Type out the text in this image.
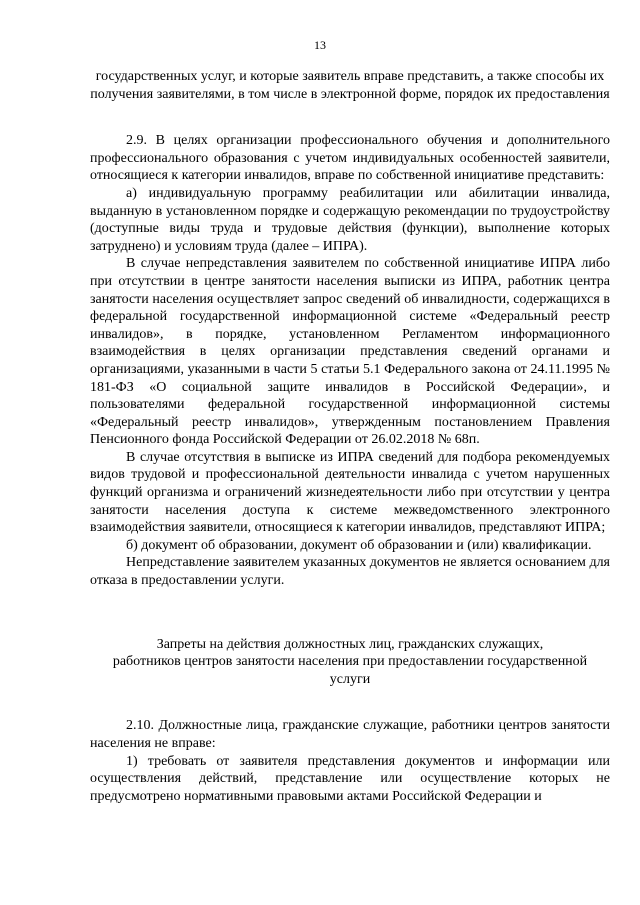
13

государственных услуг, и которые заявитель вправе представить, а также способы их получения заявителями, в том числе в электронной форме, порядок их предоставления

2.9. В целях организации профессионального обучения и дополнительного профессионального образования с учетом индивидуальных особенностей заявители, относящиеся к категории инвалидов, вправе по собственной инициативе представить:

а) индивидуальную программу реабилитации или абилитации инвалида, выданную в установленном порядке и содержащую рекомендации по трудоустройству (доступные виды труда и трудовые действия (функции), выполнение которых затруднено) и условиям труда (далее – ИПРА).

В случае непредставления заявителем по собственной инициативе ИПРА либо при отсутствии в центре занятости населения выписки из ИПРА, работник центра занятости населения осуществляет запрос сведений об инвалидности, содержащихся в федеральной государственной информационной системе «Федеральный реестр инвалидов», в порядке, установленном Регламентом информационного взаимодействия в целях организации представления сведений органами и организациями, указанными в части 5 статьи 5.1 Федерального закона от 24.11.1995 № 181-ФЗ «О социальной защите инвалидов в Российской Федерации», и пользователями федеральной государственной информационной системы «Федеральный реестр инвалидов», утвержденным постановлением Правления Пенсионного фонда Российской Федерации от 26.02.2018 № 68п.

В случае отсутствия в выписке из ИПРА сведений для подбора рекомендуемых видов трудовой и профессиональной деятельности инвалида с учетом нарушенных функций организма и ограничений жизнедеятельности либо при отсутствии у центра занятости населения доступа к системе межведомственного электронного взаимодействия заявители, относящиеся к категории инвалидов, представляют ИПРА;

б) документ об образовании, документ об образовании и (или) квалификации.

Непредставление заявителем указанных документов не является основанием для отказа в предоставлении услуги.

Запреты на действия должностных лиц, гражданских служащих,
работников центров занятости населения при предоставлении государственной
услуги

2.10. Должностные лица, гражданские служащие, работники центров занятости населения не вправе:

1) требовать от заявителя представления документов и информации или осуществления действий, представление или осуществление которых не предусмотрено нормативными правовыми актами Российской Федерации и
